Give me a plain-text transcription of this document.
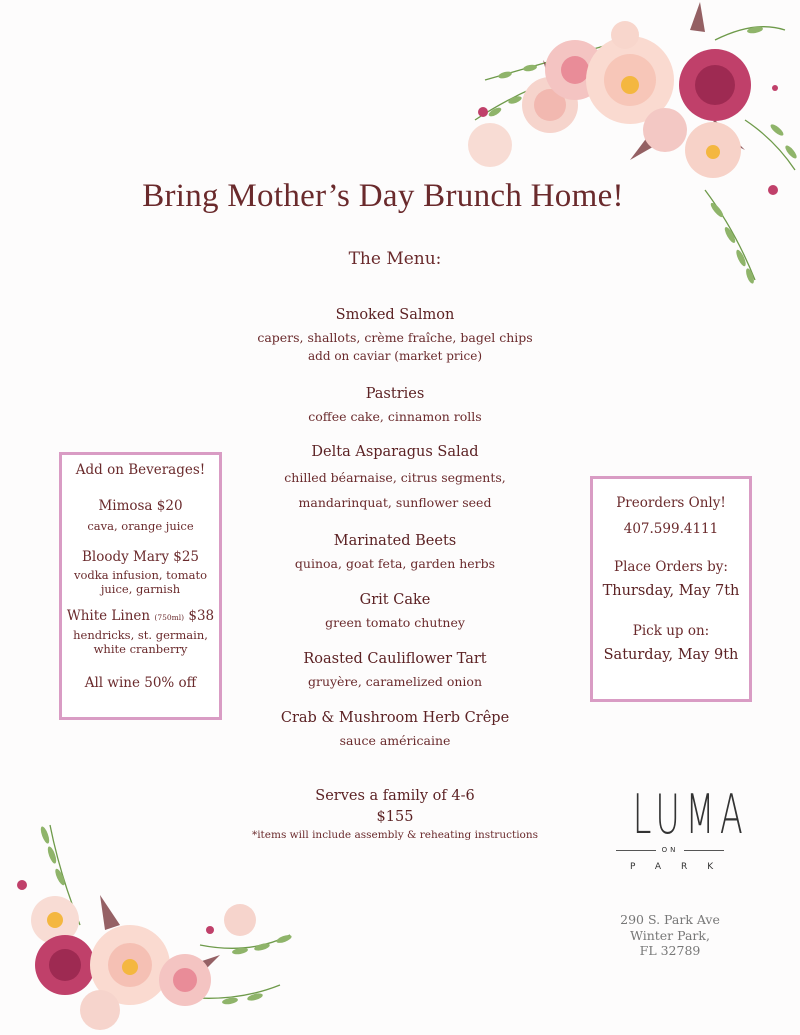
Bring Mother’s Day Brunch Home!
The Menu:
Smoked Salmon
capers, shallots, crème fraîche, bagel chips
add on caviar (market price)
Pastries
coffee cake, cinnamon rolls
Delta Asparagus Salad
chilled béarnaise, citrus segments,
mandarinquat, sunflower seed
Marinated Beets
quinoa, goat feta, garden herbs
Grit Cake
green tomato chutney
Roasted Cauliflower Tart
gruyère, caramelized onion
Crab & Mushroom Herb Crêpe
sauce américaine
Add on Beverages!
Mimosa $20
cava, orange juice
Bloody Mary $25
vodka infusion, tomato
juice, garnish
White Linen (750ml) $38
hendricks, st. germain,
white cranberry
All wine 50% off
Preorders Only!
407.599.4111
Place Orders by:
Thursday, May 7th
Pick up on:
Saturday, May 9th
Serves a family of 4-6
$155
*items will include assembly & reheating instructions LUMA
ON
PARK
290 S. Park Ave
Winter Park,
FL 32789
